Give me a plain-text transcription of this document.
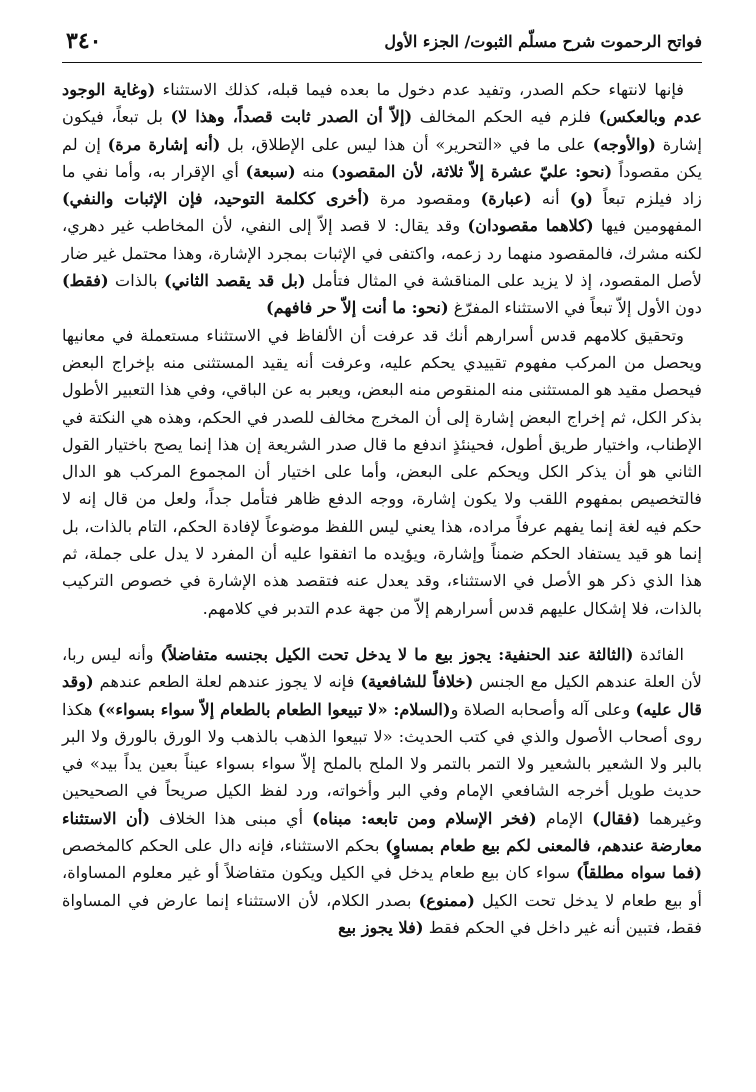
٣٤٠	فواتح الرحموت شرح مسلّم الثبوت/ الجزء الأول

فإنها لانتهاء حكم الصدر، وتفيد عدم دخول ما بعده فيما قبله، كذلك الاستثناء (وغاية الوجود عدم وبالعكس) فلزم فيه الحكم المخالف (إلاّ أن الصدر ثابت قصداً، وهذا لا) بل تبعاً، فيكون إشارة (والأوجه) على ما في «التحرير» أن هذا ليس على الإطلاق، بل (أنه إشارة مرة) إن لم يكن مقصوداً (نحو: عليّ عشرة إلاّ ثلاثة، لأن المقصود) منه (سبعة) أي الإقرار به، وأما نفي ما زاد فيلزم تبعاً (و) أنه (عبارة) ومقصود مرة (أخرى ككلمة التوحيد، فإن الإثبات والنفي) المفهومين فيها (كلاهما مقصودان) وقد يقال: لا قصد إلاّ إلى النفي، لأن المخاطب غير دهري، لكنه مشرك، فالمقصود منهما رد زعمه، واكتفى في الإثبات بمجرد الإشارة، وهذا محتمل غير ضار لأصل المقصود، إذ لا يزيد على المناقشة في المثال فتأمل (بل قد يقصد الثاني) بالذات (فقط) دون الأول إلاّ تبعاً في الاستثناء المفرّغ (نحو: ما أنت إلاّ حر فافهم)

وتحقيق كلامهم قدس أسرارهم أنك قد عرفت أن الألفاظ في الاستثناء مستعملة في معانيها ويحصل من المركب مفهوم تقييدي يحكم عليه، وعرفت أنه يقيد المستثنى منه بإخراج البعض فيحصل مقيد هو المستثنى منه المنقوص منه البعض، ويعبر به عن الباقي، وفي هذا التعبير الأطول بذكر الكل، ثم إخراج البعض إشارة إلى أن المخرج مخالف للصدر في الحكم، وهذه هي النكتة في الإطناب، واختيار طريق أطول، فحينئذٍ اندفع ما قال صدر الشريعة إن هذا إنما يصح باختيار القول الثاني هو أن يذكر الكل ويحكم على البعض، وأما على اختيار أن المجموع المركب هو الدال فالتخصيص بمفهوم اللقب ولا يكون إشارة، ووجه الدفع ظاهر فتأمل جداً، ولعل من قال إنه لا حكم فيه لغة إنما يفهم عرفاً مراده، هذا يعني ليس اللفظ موضوعاً لإفادة الحكم، التام بالذات، بل إنما هو قيد يستفاد الحكم ضمناً وإشارة، ويؤيده ما اتفقوا عليه أن المفرد لا يدل على جملة، ثم هذا الذي ذكر هو الأصل في الاستثناء، وقد يعدل عنه فتقصد هذه الإشارة في خصوص التركيب بالذات، فلا إشكال عليهم قدس أسرارهم إلاّ من جهة عدم التدبر في كلامهم.

الفائدة (الثالثة عند الحنفية: يجوز بيع ما لا يدخل تحت الكيل بجنسه متفاضلاً) وأنه ليس ربا، لأن العلة عندهم الكيل مع الجنس (خلافاً للشافعية) فإنه لا يجوز عندهم لعلة الطعم عندهم (وقد قال عليه) وعلى آله وأصحابه الصلاة و(السلام: «لا تبيعوا الطعام بالطعام إلاّ سواء بسواء») هكذا روى أصحاب الأصول والذي في كتب الحديث: «لا تبيعوا الذهب بالذهب ولا الورق بالورق ولا البر بالبر ولا الشعير بالشعير ولا التمر بالتمر ولا الملح بالملح إلاّ سواء بسواء عيناً بعين يداً بيد» في حديث طويل أخرجه الشافعي الإمام وفي البر وأخواته، ورد لفظ الكيل صريحاً في الصحيحين وغيرهما (فقال) الإمام (فخر الإسلام ومن تابعه: مبناه) أي مبنى هذا الخلاف (أن الاستثناء معارضة عندهم، فالمعنى لكم بيع طعام بمساوٍ) بحكم الاستثناء، فإنه دال على الحكم كالمخصص (فما سواه مطلقاً) سواء كان بيع طعام يدخل في الكيل ويكون متفاضلاً أو غير معلوم المساواة، أو بيع طعام لا يدخل تحت الكيل (ممنوع) بصدر الكلام، لأن الاستثناء إنما عارض في المساواة فقط، فتبين أنه غير داخل في الحكم فقط (فلا يجوز بيع
